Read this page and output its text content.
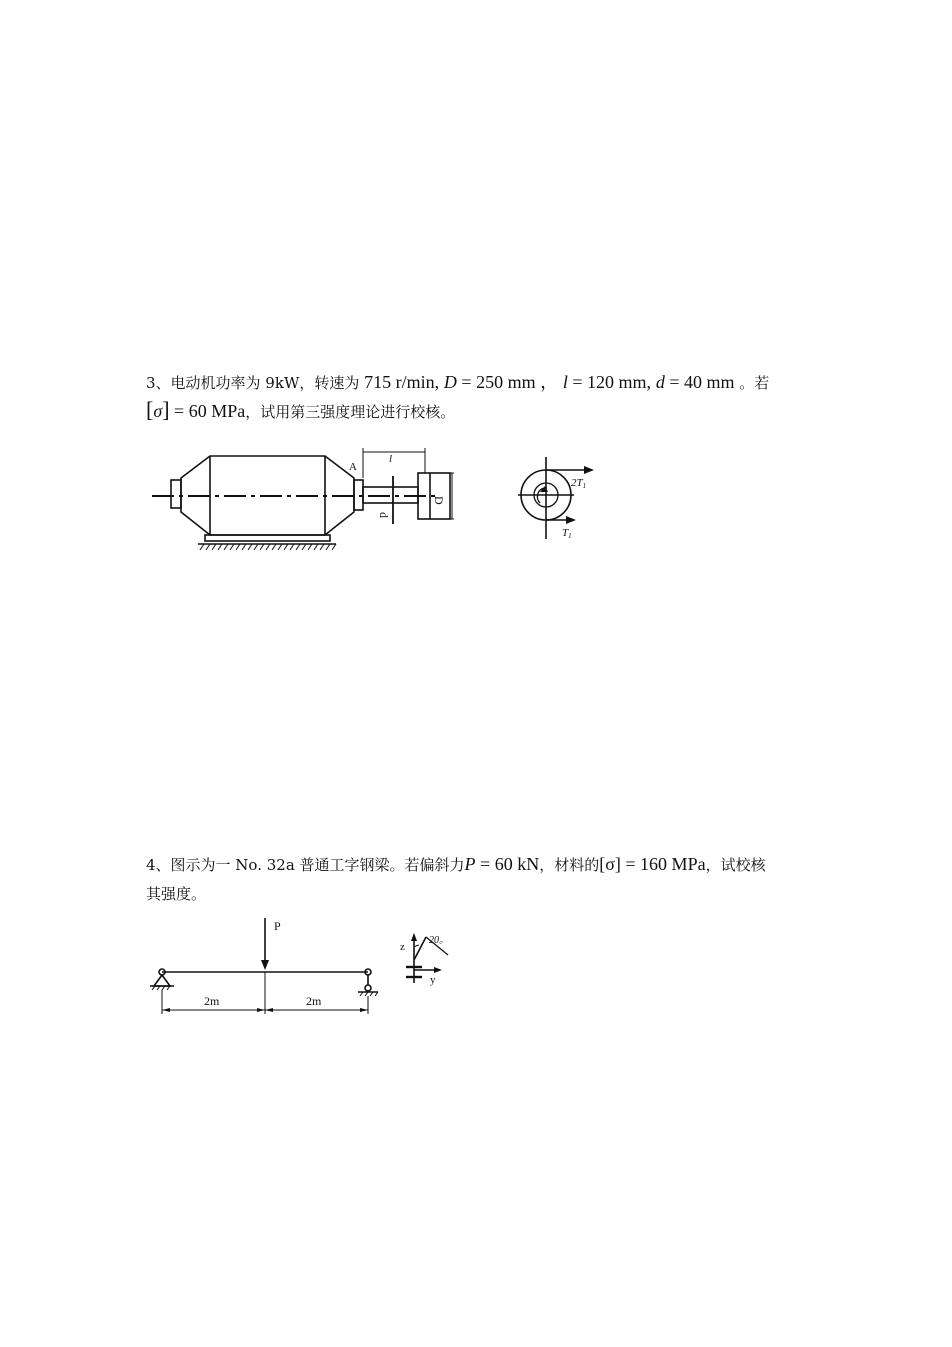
3、电动机功率为 9kW，转速为 715 r/min, D = 250 mm ， l = 120 mm, d = 40 mm 。若
[σ] = 60 MPa，试用第三强度理论进行校核。
l
A
d
D
2T1
T1
4、图示为一 No. 32a 普通工字钢梁。若偏斜力P = 60 kN，材料的[σ] = 160 MPa，试校核
其强度。
P
2m	2m
z
y
20。
